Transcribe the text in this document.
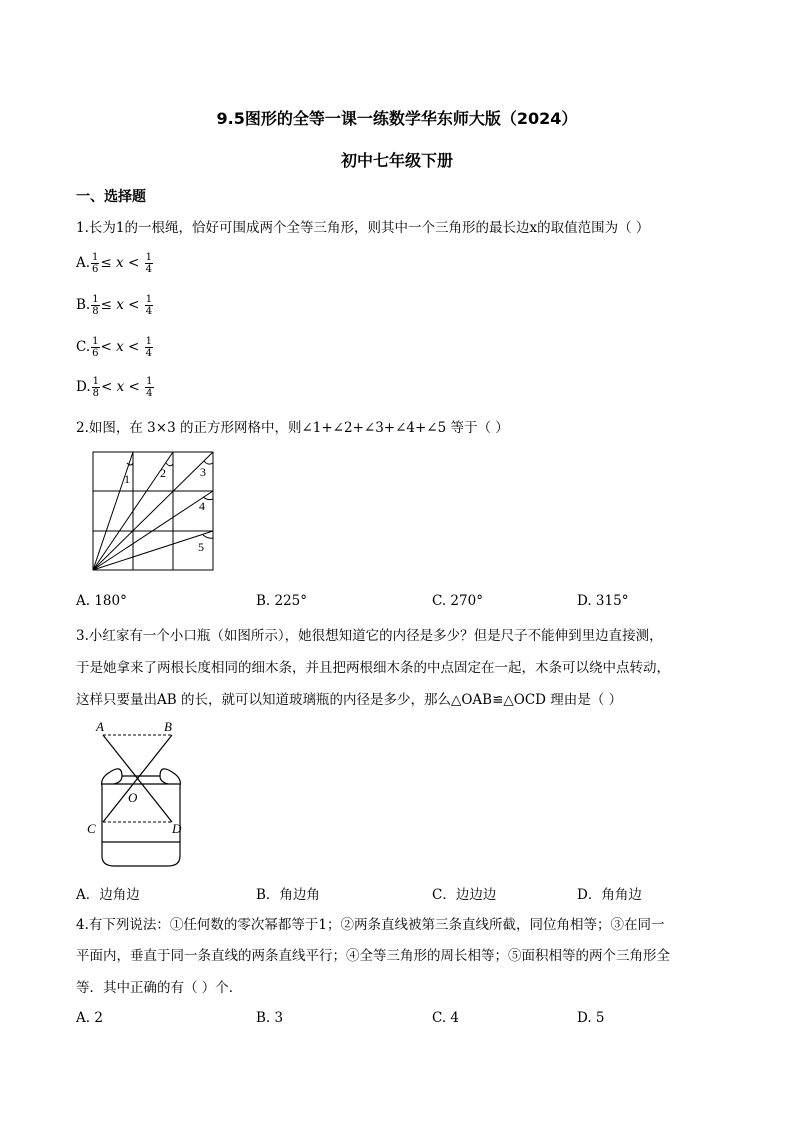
9.5图形的全等一课一练数学华东师大版（2024）
初中七年级下册
一、选择题
1.长为1的一根绳，恰好可围成两个全等三角形，则其中一个三角形的最长边x的取值范围为（ ）
A. $\frac{1}{6} \le x < \frac{1}{4}$
B. $\frac{1}{8} \le x < \frac{1}{4}$
C. $\frac{1}{6} < x < \frac{1}{4}$
D. $\frac{1}{8} < x < \frac{1}{4}$
2.如图，在 3×3 的正方形网格中，则∠1+∠2+∠3+∠4+∠5 等于（ ）
1	2	3
4
5
A. 180°	B. 225°	C. 270°	D. 315°
3.小红家有一个小口瓶（如图所示），她很想知道它的内径是多少？但是尺子不能伸到里边直接测，
于是她拿来了两根长度相同的细木条，并且把两根细木条的中点固定在一起，木条可以绕中点转动，
这样只要量出AB 的长，就可以知道玻璃瓶的内径是多少，那么△OAB≌△OCD 理由是（ ）
A	B
O
C	D
A．边角边	B．角边角	C．边边边	D．角角边
4.有下列说法：①任何数的零次幂都等于1；②两条直线被第三条直线所截，同位角相等；③在同一
平面内，垂直于同一条直线的两条直线平行；④全等三角形的周长相等；⑤面积相等的两个三角形全
等．其中正确的有（ ）个．
A. 2	B. 3	C. 4	D. 5
